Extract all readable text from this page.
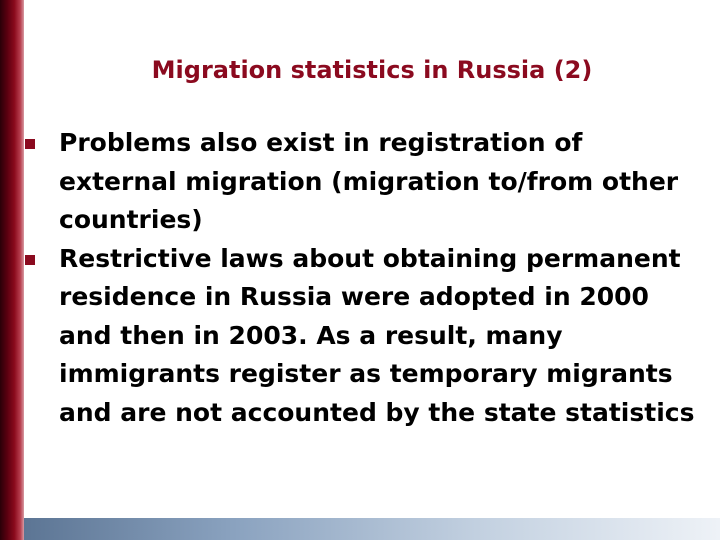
Migration statistics in Russia (2)
Problems also exist in registration of external migration (migration to/from other countries)
Restrictive laws about obtaining permanent residence in Russia were adopted in 2000 and then in 2003. As a result, many immigrants register as temporary migrants and are not accounted by the state statistics
